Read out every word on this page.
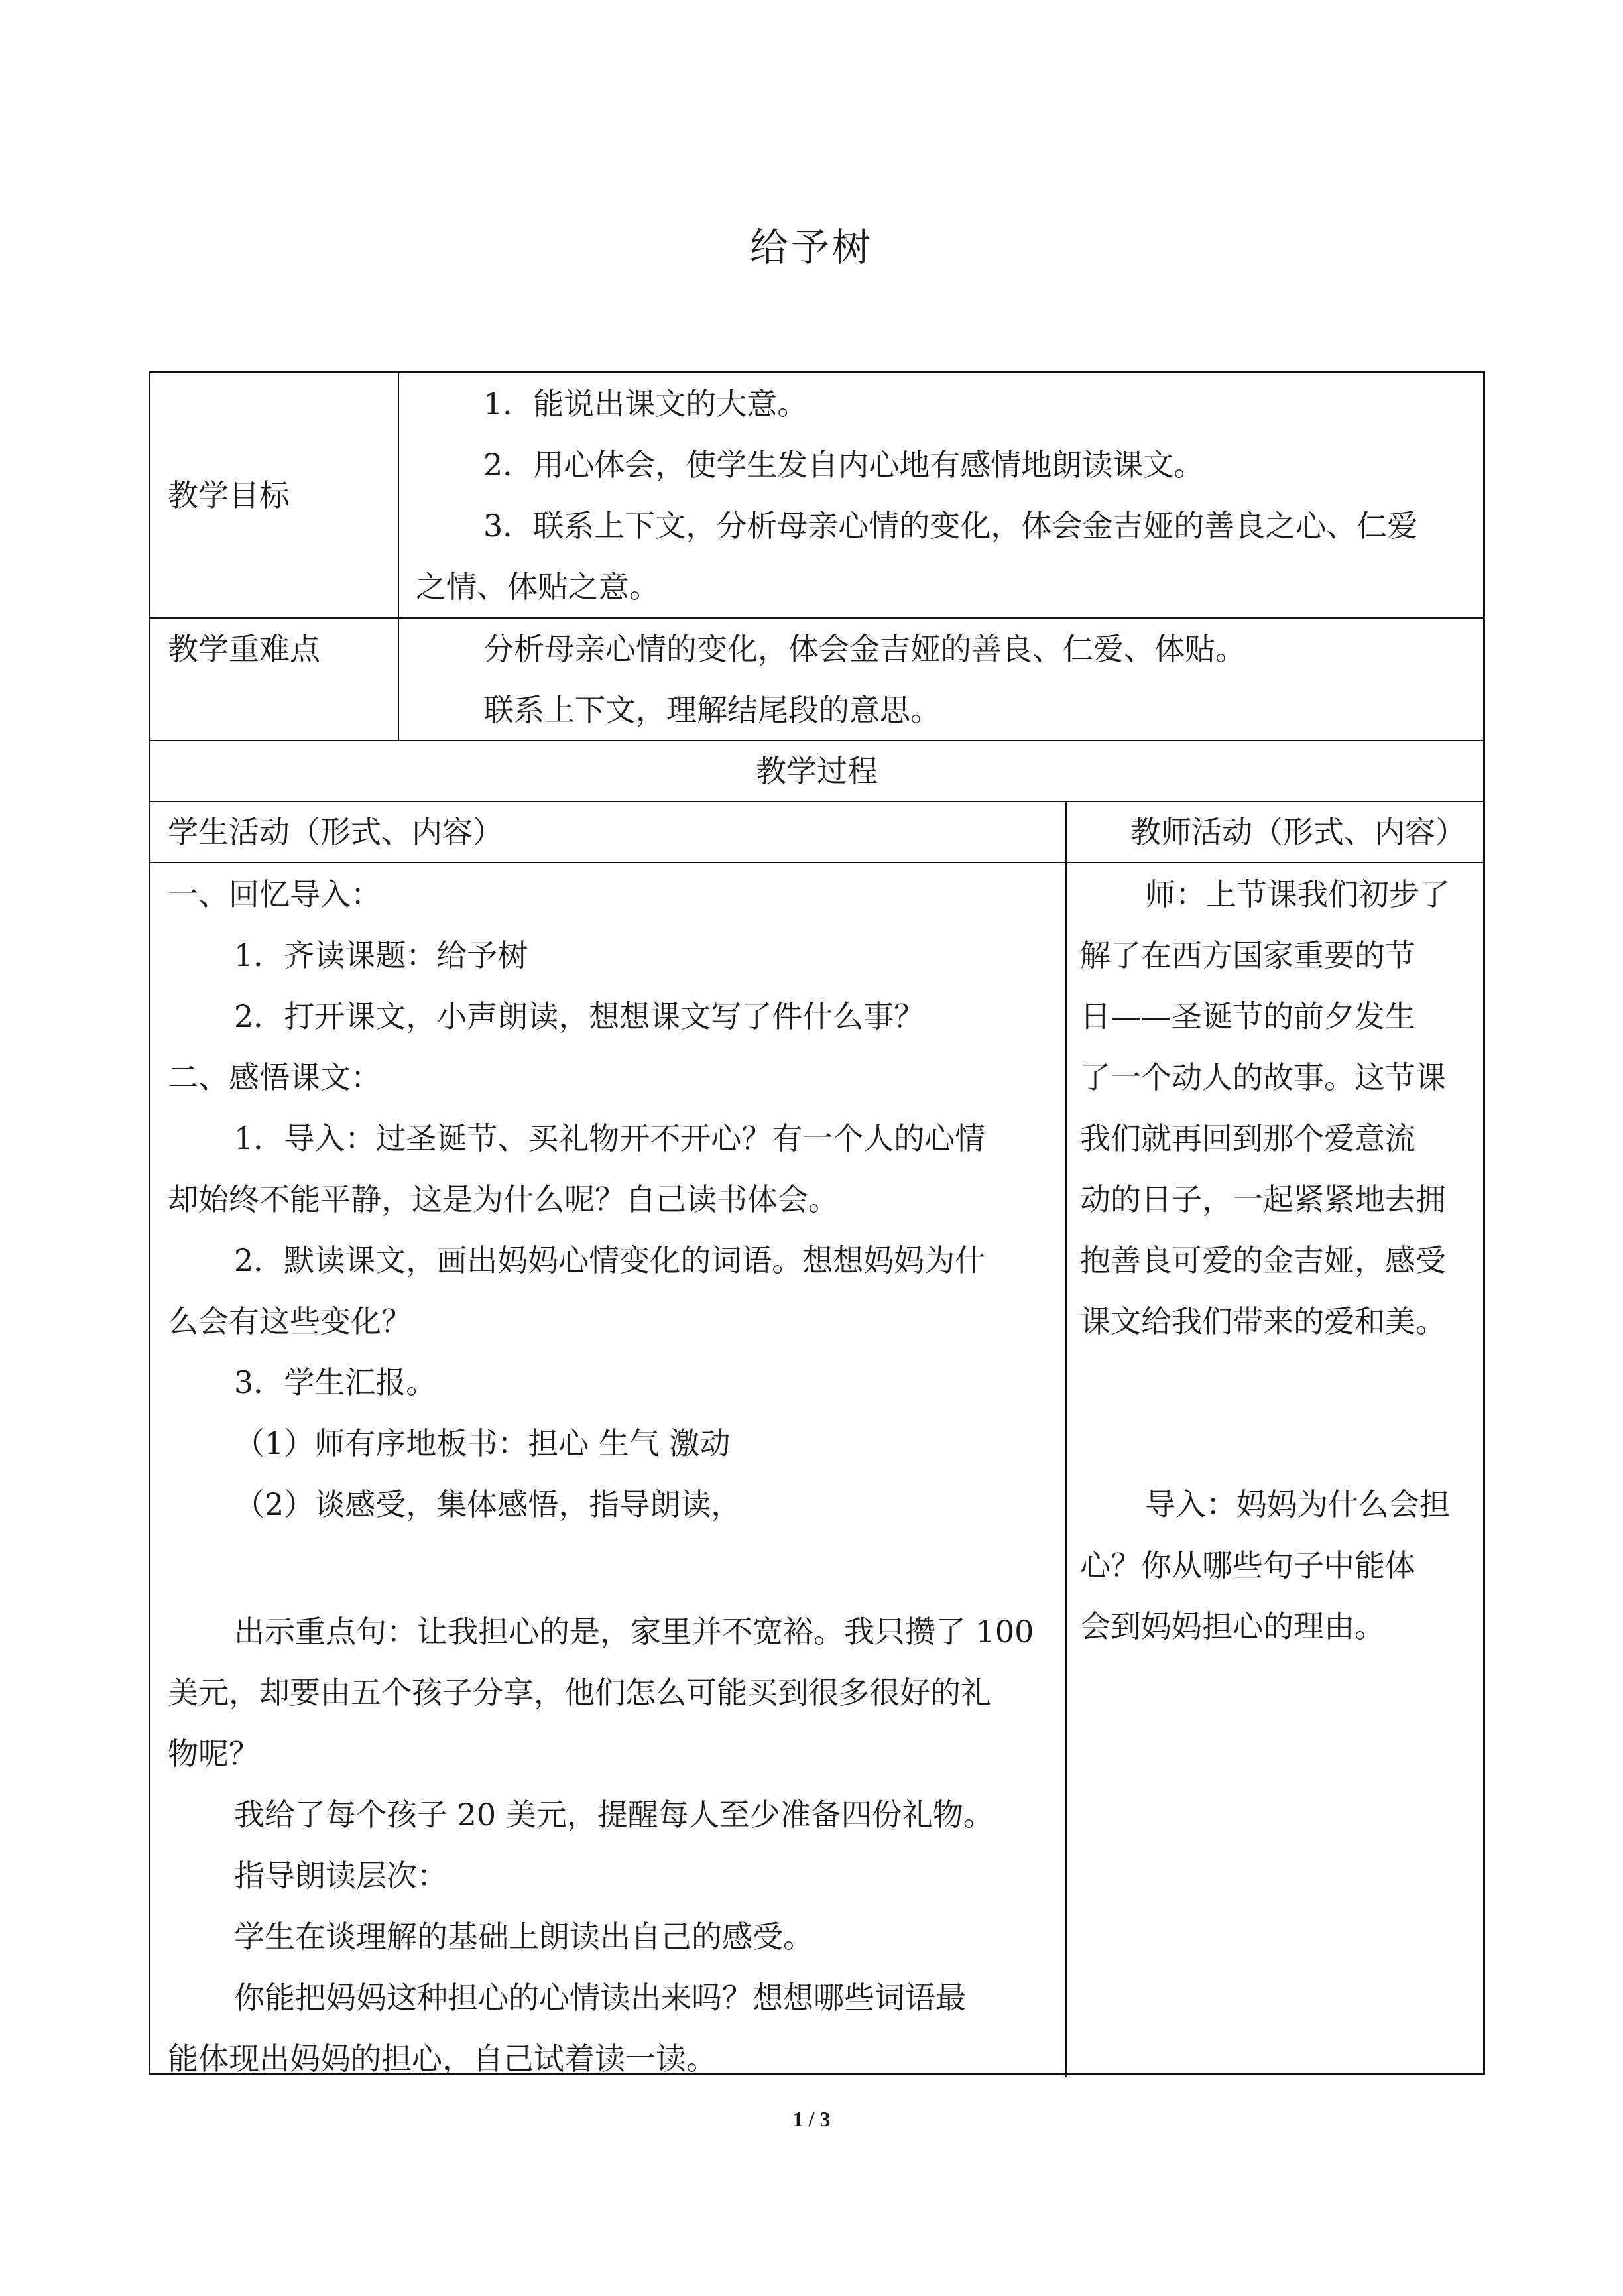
给予树
教学目标
1．能说出课文的大意。
2．用心体会，使学生发自内心地有感情地朗读课文。
3．联系上下文，分析母亲心情的变化，体会金吉娅的善良之心、仁爱
之情、体贴之意。
教学重难点	分析母亲心情的变化，体会金吉娅的善良、仁爱、体贴。
联系上下文，理解结尾段的意思。
教学过程
学生活动（形式、内容）	教师活动（形式、内容）
一、回忆导入：
1．齐读课题：给予树
2．打开课文，小声朗读，想想课文写了件什么事？
二、感悟课文：
1．导入：过圣诞节、买礼物开不开心？有一个人的心情
却始终不能平静，这是为什么呢？自己读书体会。
2．默读课文，画出妈妈心情变化的词语。想想妈妈为什
么会有这些变化？
3．学生汇报。
（1）师有序地板书：担心 生气 激动
（2）谈感受，集体感悟，指导朗读，
出示重点句：让我担心的是，家里并不宽裕。我只攒了 100
美元，却要由五个孩子分享，他们怎么可能买到很多很好的礼
物呢？
我给了每个孩子 20 美元，提醒每人至少准备四份礼物。
指导朗读层次：
学生在谈理解的基础上朗读出自己的感受。
你能把妈妈这种担心的心情读出来吗？想想哪些词语最
能体现出妈妈的担心，自己试着读一读。
师：上节课我们初步了
解了在西方国家重要的节
日——圣诞节的前夕发生
了一个动人的故事。这节课
我们就再回到那个爱意流
动的日子，一起紧紧地去拥
抱善良可爱的金吉娅，感受
课文给我们带来的爱和美。
导入：妈妈为什么会担
心？你从哪些句子中能体
会到妈妈担心的理由。
1 / 3
